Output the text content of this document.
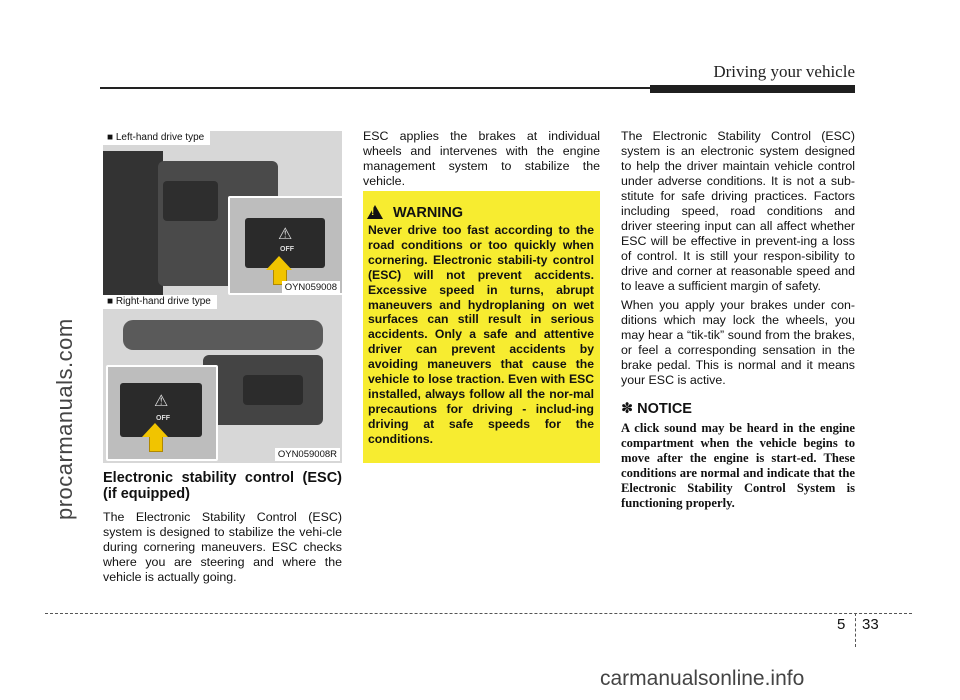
Driving your vehicle
procarmanuals.com
⚠
OFF
■ Left-hand drive type
OYN059008
⚠
OFF
■ Right-hand drive type
OYN059008R
Electronic stability control (ESC) (if equipped)

The Electronic Stability Control (ESC) system is designed to stabilize the vehi-cle during cornering maneuvers. ESC checks where you are steering and where the vehicle is actually going.

ESC applies the brakes at individual wheels and intervenes with the engine management system to stabilize the vehicle.

!	WARNING
Never drive too fast according to the road conditions or too quickly when cornering. Electronic stabili-ty control (ESC) will not prevent accidents. Excessive speed in turns, abrupt maneuvers and hydroplaning on wet surfaces can still result in serious accidents. Only a safe and attentive driver can prevent accidents by avoiding maneuvers that cause the vehicle to lose traction. Even with ESC installed, always follow all the nor-mal precautions for driving - includ-ing driving at safe speeds for the conditions.

The Electronic Stability Control (ESC) system is an electronic system designed to help the driver maintain vehicle control under adverse conditions. It is not a sub-stitute for safe driving practices. Factors including speed, road conditions and driver steering input can all affect whether ESC will be effective in prevent-ing a loss of control. It is still your respon-sibility to drive and corner at reasonable speed and to leave a sufficient margin of safety.

When you apply your brakes under con-ditions which may lock the wheels, you may hear a “tik-tik” sound from the brakes, or feel a corresponding sensation in the brake pedal. This is normal and it means your ESC is active.

✽ NOTICE
A click sound may be heard in the engine compartment when the vehicle begins to move after the engine is start-ed. These conditions are normal and indicate that the Electronic Stability Control System is functioning properly.
5 33
carmanualsonline.info
